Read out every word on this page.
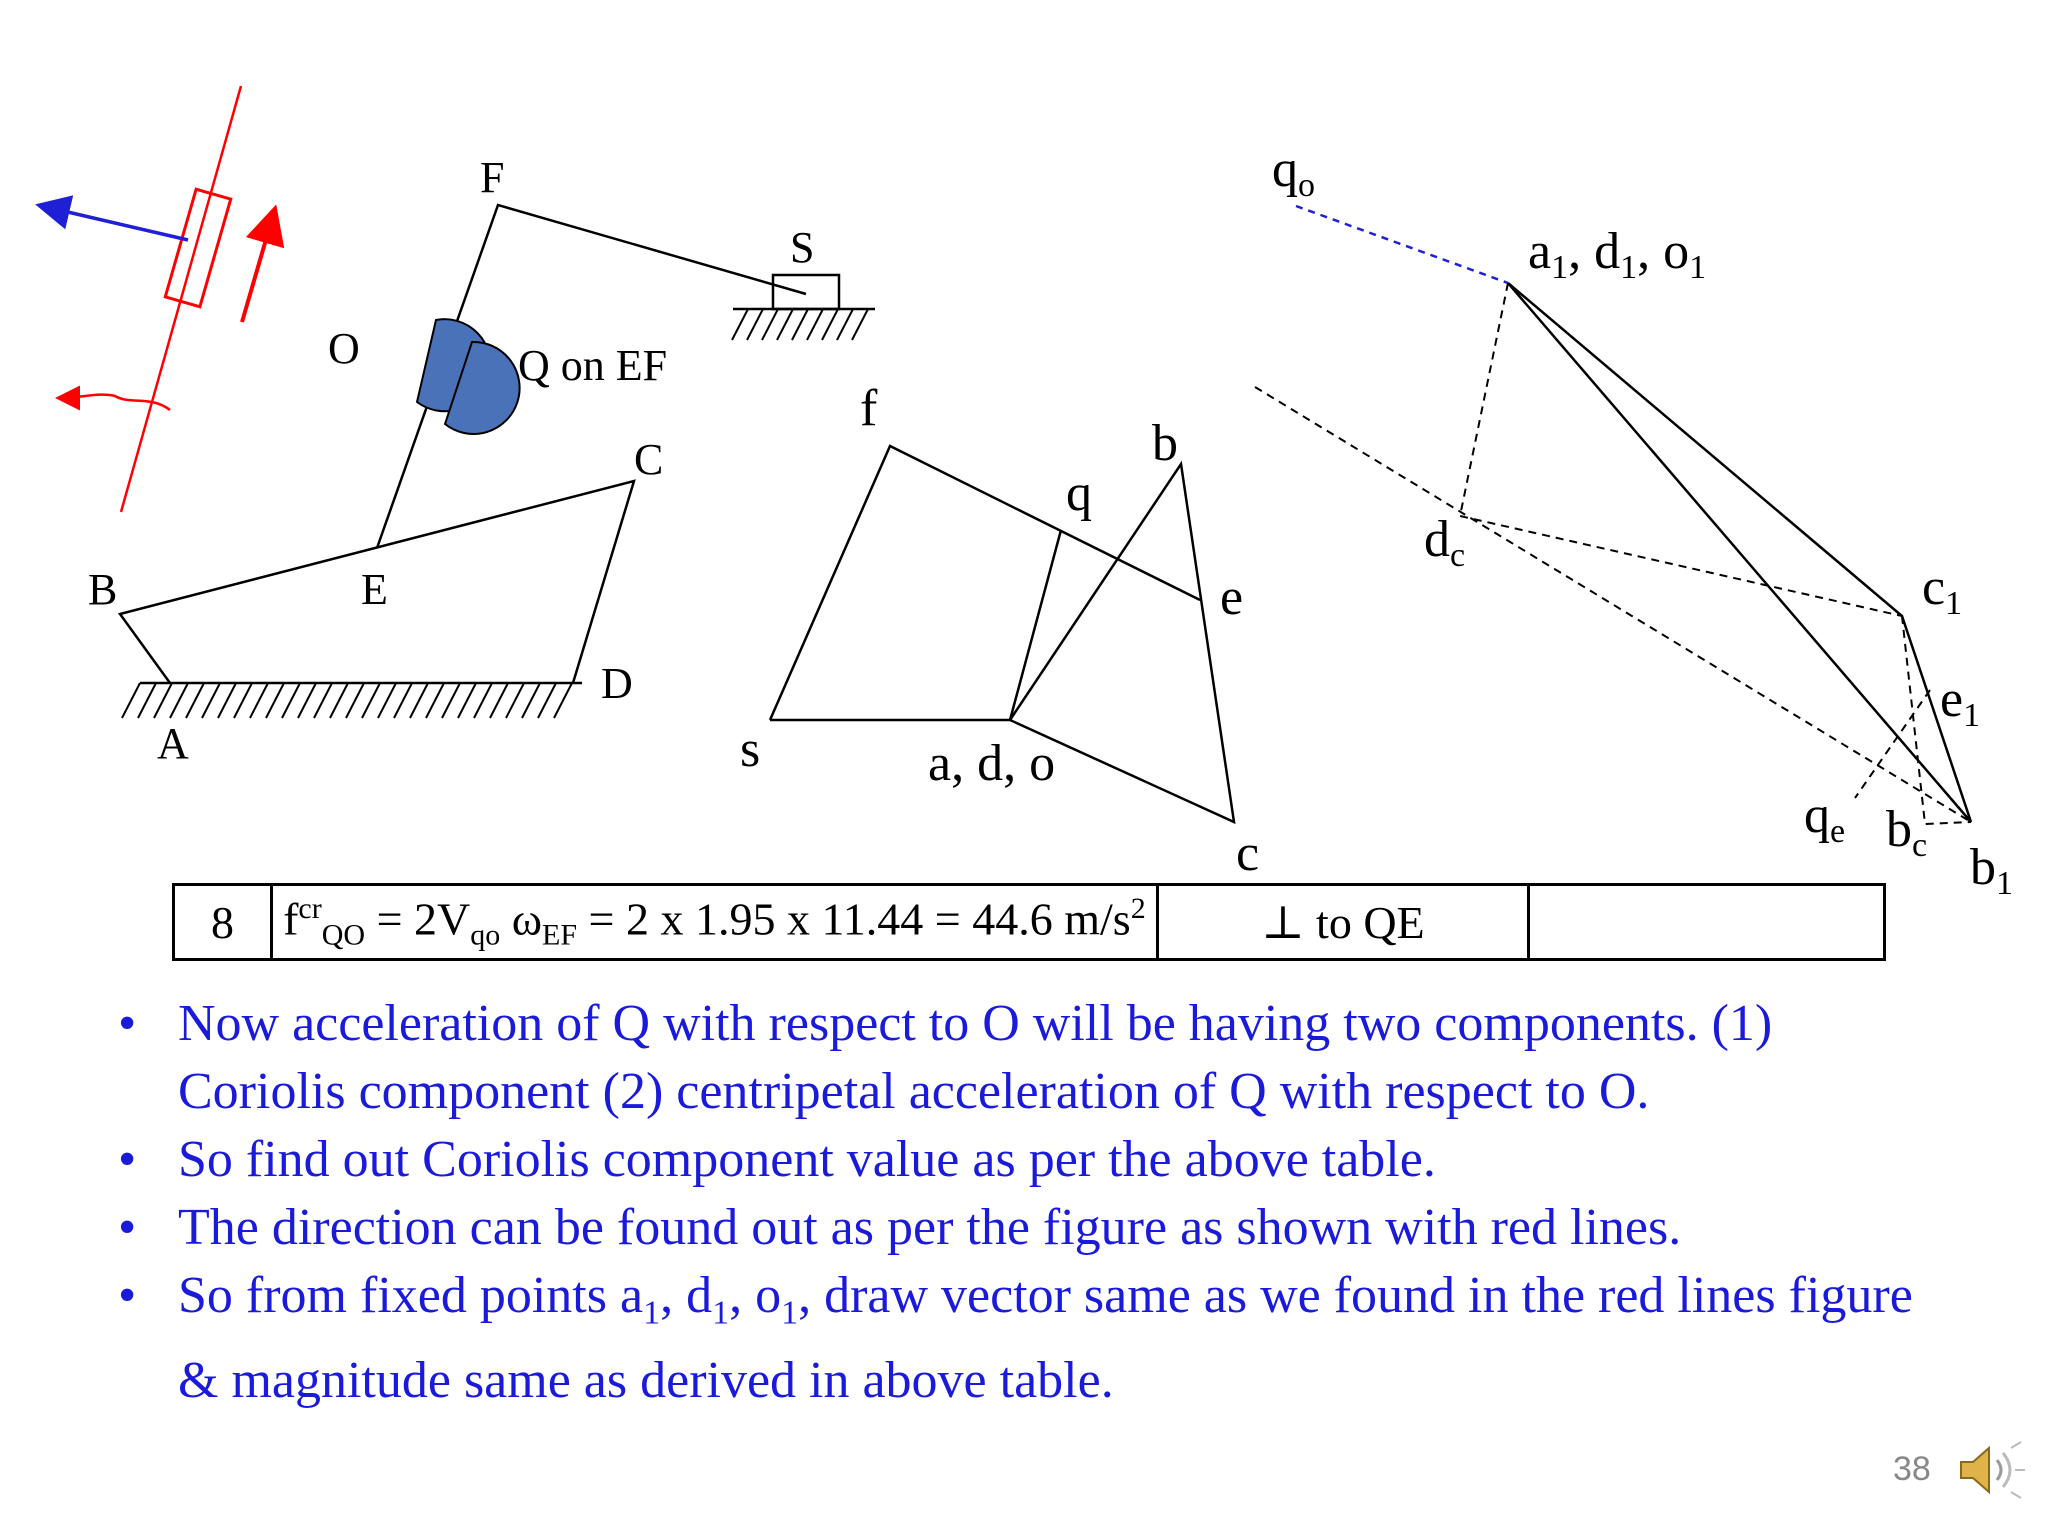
F
S
O	Q on EF
C
B	E
D
A
f
b
q
e
s	a, d, o
c
qo
a1, d1, o1
dc
c1
e1
qe bc b1
8	$f^{cr}_{QO} = 2V_{qo}$ $\omega_{EF} = 2$ x 1.95 x 11.44 = 44.6 $m/s^2$	⊥ to QE	
• Now acceleration of Q with respect to O will be having two components. (1) Coriolis component (2) centripetal acceleration of Q with respect to O.
• So find out Coriolis component value as per the above table.
• The direction can be found out as per the figure as shown with red lines.
• So from fixed points $a_1$, $d_1$, $o_1$, draw vector same as we found in the red lines figure & magnitude same as derived in above table.
38
